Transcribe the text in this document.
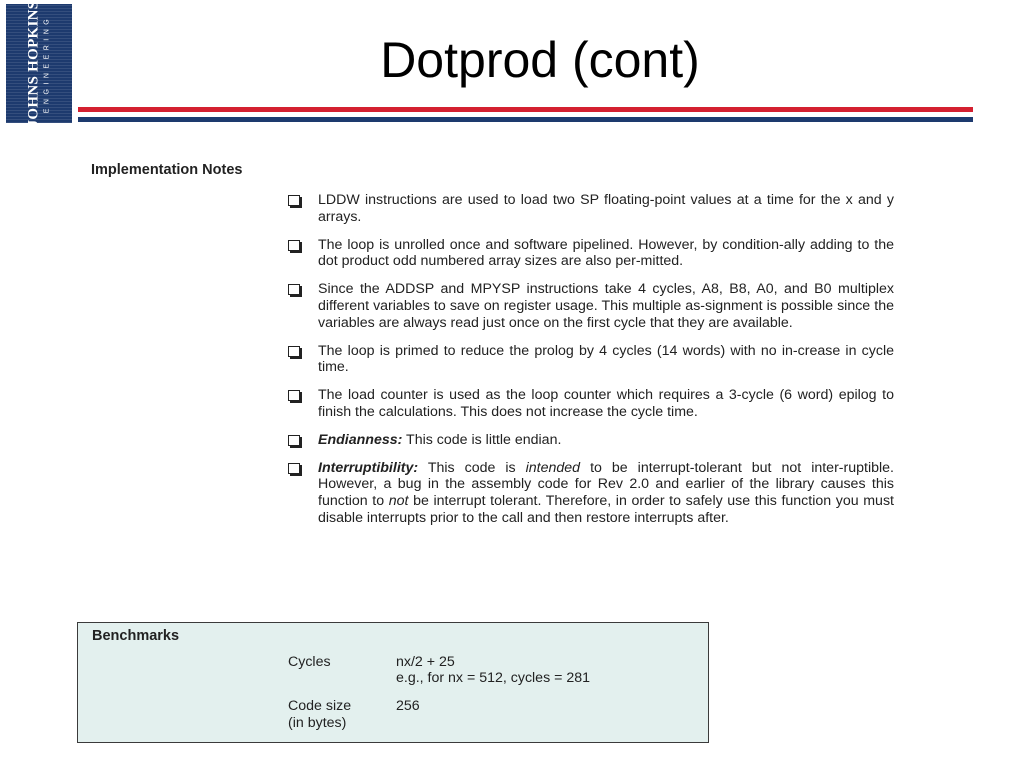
JOHNS HOPKINS ENGINEERING	Dotprod (cont)
Implementation Notes
LDDW instructions are used to load two SP floating-point values at a time for the x and y arrays.
The loop is unrolled once and software pipelined. However, by condition-ally adding to the dot product odd numbered array sizes are also per-mitted.
Since the ADDSP and MPYSP instructions take 4 cycles, A8, B8, A0, and B0 multiplex different variables to save on register usage. This multiple as-signment is possible since the variables are always read just once on the first cycle that they are available.
The loop is primed to reduce the prolog by 4 cycles (14 words) with no in-crease in cycle time.
The load counter is used as the loop counter which requires a 3-cycle (6 word) epilog to finish the calculations. This does not increase the cycle time.
Endianness: This code is little endian.
Interruptibility: This code is intended to be interrupt-tolerant but not inter-ruptible. However, a bug in the assembly code for Rev 2.0 and earlier of the library causes this function to not be interrupt tolerant. Therefore, in order to safely use this function you must disable interrupts prior to the call and then restore interrupts after.
Benchmarks
Cycles	nx/2 + 25
e.g., for nx = 512, cycles = 281
Code size
(in bytes)
256
